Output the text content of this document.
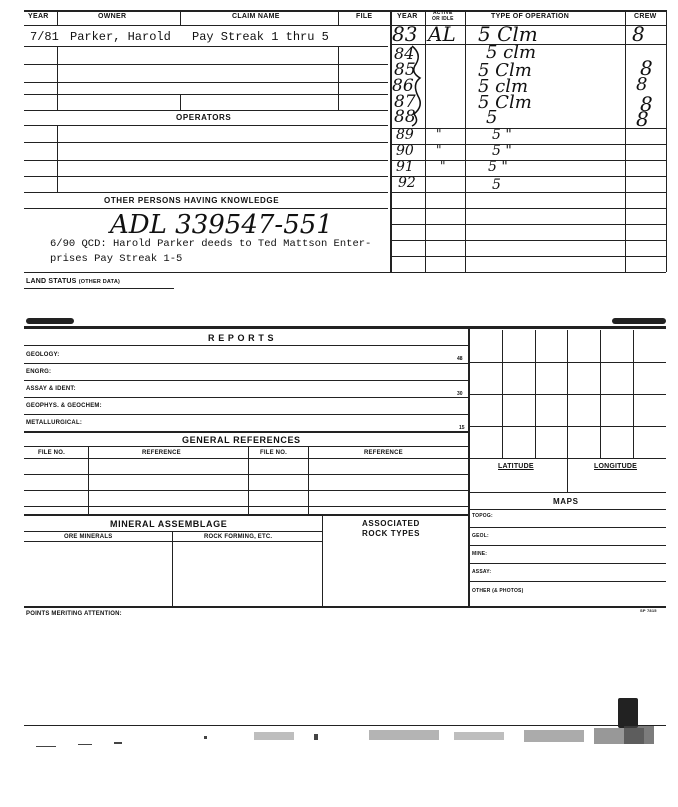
YEAR	OWNER	CLAIM NAME	FILE	YEAR	ACTIVE
OR IDLE	TYPE OF OPERATION	CREW
7/81 Parker, Harold Pay Streak 1 thru 5
OPERATORS
OTHER PERSONS HAVING KNOWLEDGE
ADL 339547-551
6/90 QCD: Harold Parker deeds to Ted Mattson Enter-
prises Pay Streak 1-5
83 AL 5 Clm	8
84	5 clm
85	5 Clm	8
86	5 clm	8
87	5 Clm	8
88	5	8
89 "	5 "
90 "	5 "
91 "	5 "
92	5
LAND STATUS (OTHER DATA)
R E P O R T S
GEOLOGY:
48
ENGRG:
ASSAY & IDENT:
30
GEOPHYS. & GEOCHEM:
METALLURGICAL:
15
GENERAL REFERENCES
FILE NO.	REFERENCE	FILE NO.	REFERENCE
MINERAL ASSEMBLAGE
ORE MINERALS	ROCK FORMING, ETC.
ASSOCIATED
ROCK TYPES
LATITUDE	LONGITUDE
MAPS
TOPOG:
GEOL:
MINE:
ASSAY:
OTHER (& PHOTOS)
POINTS MERITING ATTENTION:
SP 7815
